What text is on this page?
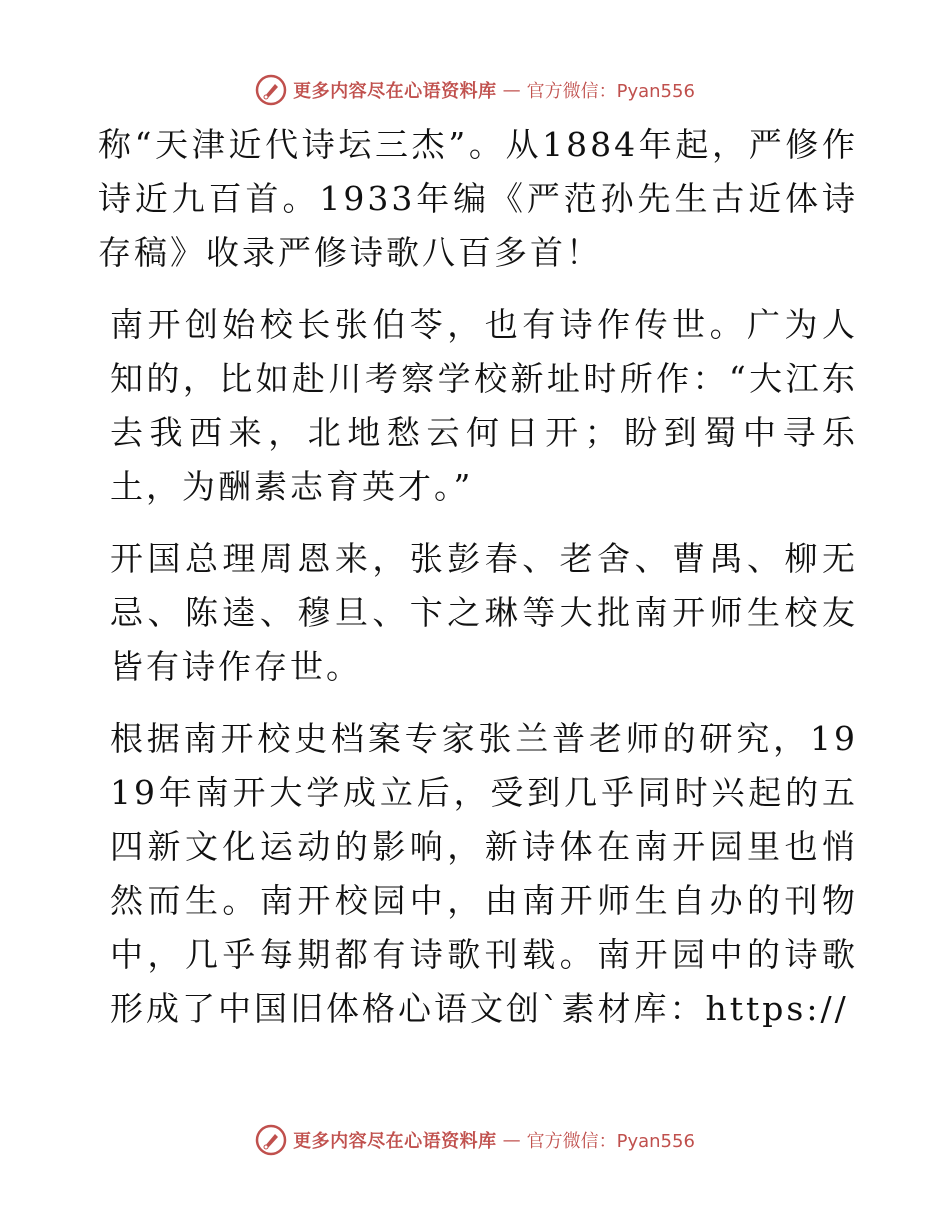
更多内容尽在心语资料库 — 官方微信：Pyan556

称“天津近代诗坛三杰”。从1884年起，严修作诗近九百首。1933年编《严范孙先生古近体诗存稿》收录严修诗歌八百多首！

南开创始校长张伯苓，也有诗作传世。广为人知的，比如赴川考察学校新址时所作：“大江东去我西来，北地愁云何日开；盼到蜀中寻乐土，为酬素志育英才。”

开国总理周恩来，张彭春、老舍、曹禺、柳无忌、陈逵、穆旦、卞之琳等大批南开师生校友皆有诗作存世。

根据南开校史档案专家张兰普老师的研究，1919年南开大学成立后，受到几乎同时兴起的五四新文化运动的影响，新诗体在南开园里也悄然而生。南开校园中，由南开师生自办的刊物中，几乎每期都有诗歌刊载。南开园中的诗歌形成了中国旧体格心语文创`素材库：https://

更多内容尽在心语资料库 — 官方微信：Pyan556
